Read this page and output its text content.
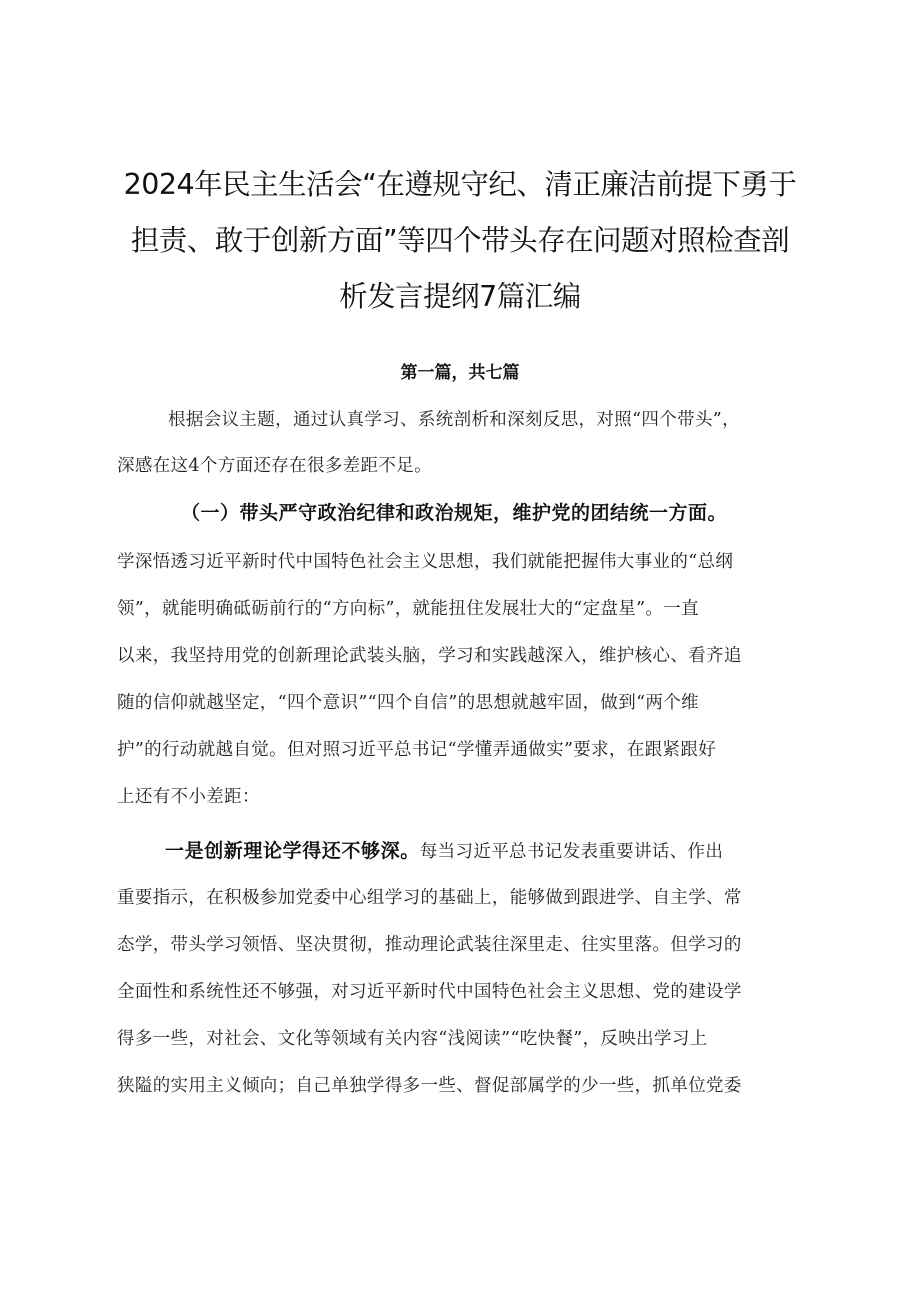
2024年民主生活会“在遵规守纪、清正廉洁前提下勇于
担责、敢于创新方面”等四个带头存在问题对照检查剖
析发言提纲7篇汇编
第一篇，共七篇
根据会议主题，通过认真学习、系统剖析和深刻反思，对照“四个带头”，
深感在这4个方面还存在很多差距不足。
（一）带头严守政治纪律和政治规矩，维护党的团结统一方面。
学深悟透习近平新时代中国特色社会主义思想，我们就能把握伟大事业的“总纲
领”，就能明确砥砺前行的“方向标”，就能扭住发展壮大的“定盘星”。一直
以来，我坚持用党的创新理论武装头脑，学习和实践越深入，维护核心、看齐追
随的信仰就越坚定，“四个意识”“四个自信”的思想就越牢固，做到“两个维
护”的行动就越自觉。但对照习近平总书记“学懂弄通做实”要求，在跟紧跟好
上还有不小差距：
一是创新理论学得还不够深。每当习近平总书记发表重要讲话、作出
重要指示，在积极参加党委中心组学习的基础上，能够做到跟进学、自主学、常
态学，带头学习领悟、坚决贯彻，推动理论武装往深里走、往实里落。但学习的
全面性和系统性还不够强，对习近平新时代中国特色社会主义思想、党的建设学
得多一些，对社会、文化等领域有关内容“浅阅读”“吃快餐”，反映出学习上
狭隘的实用主义倾向；自己单独学得多一些、督促部属学的少一些，抓单位党委
